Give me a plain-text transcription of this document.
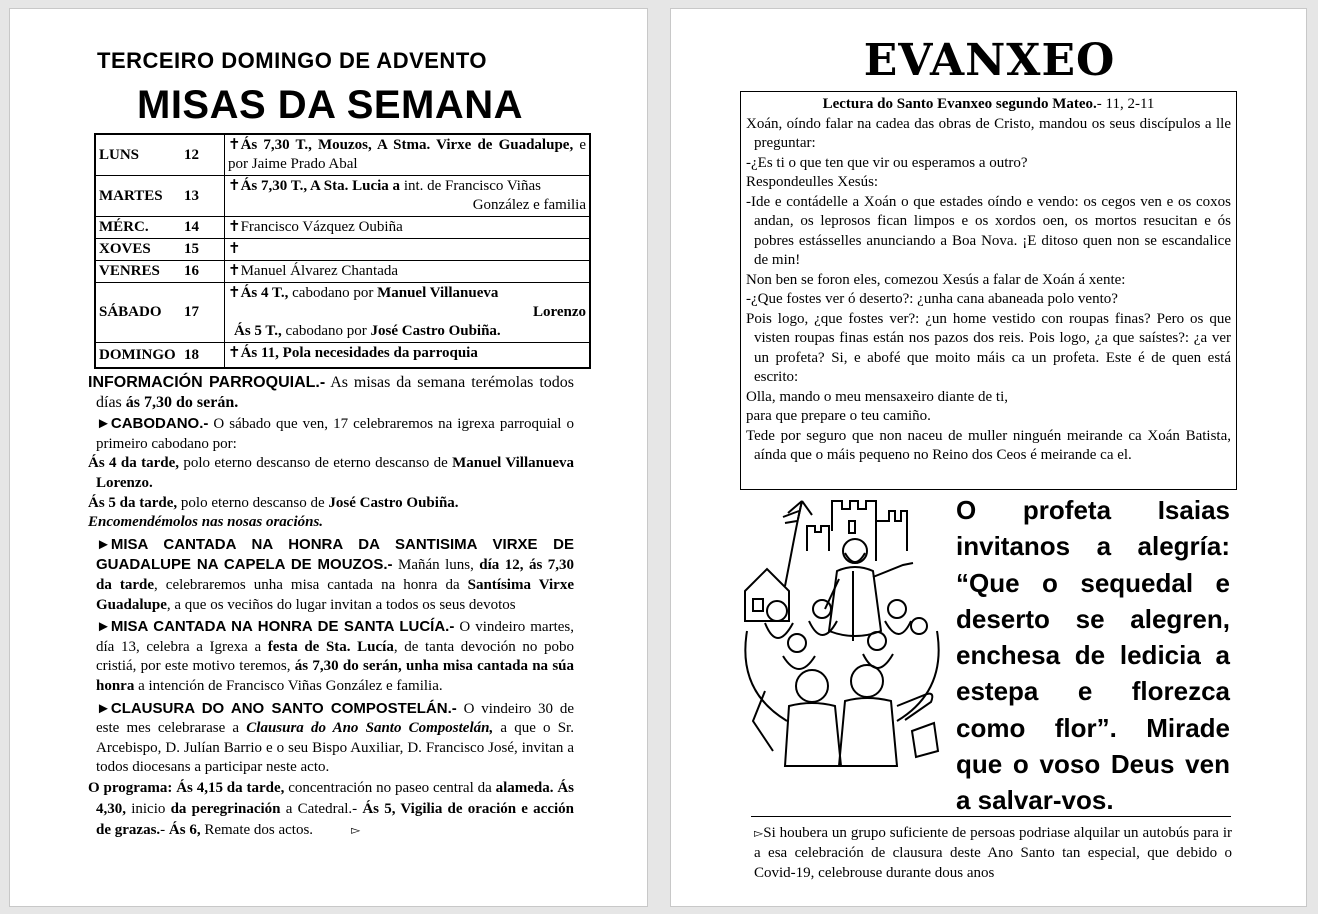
TERCEIRO DOMINGO DE ADVENTO
MISAS DA SEMANA
LUNS 12	✝Ás 7,30 T., Mouzos, A Stma. Virxe de Guadalupe, e por Jaime Prado Abal
MARTES 13	✝Ás 7,30 T., A Sta. Lucia a int. de Francisco Viñas
González e familia

MÉRC. 14	✝Francisco Vázquez Oubiña
XOVES 15	✝
VENRES 16	✝Manuel Álvarez Chantada
SÁBADO 17	✝Ás 4 T., cabodano por Manuel Villanueva
Lorenzo
Ás 5 T., cabodano por José Castro Oubiña.

DOMINGO 18	✝Ás 11, Pola necesidades da parroquia

INFORMACIÓN PARROQUIAL.- As misas da semana terémolas todos días ás 7,30 do serán.

►CABODANO.- O sábado que ven, 17 celebraremos na igrexa parroquial o primeiro cabodano por:

Ás 4 da tarde, polo eterno descanso de eterno descanso de Manuel Villanueva Lorenzo.

Ás 5 da tarde, polo eterno descanso de José Castro Oubiña.

Encomendémolos nas nosas oracións.

►MISA CANTADA NA HONRA DA SANTISIMA VIRXE DE GUADALUPE NA CAPELA DE MOUZOS.- Mañán luns, día 12, ás 7,30 da tarde, celebraremos unha misa cantada na honra da Santísima Virxe Guadalupe, a que os veciños do lugar invitan a todos os seus devotos

►MISA CANTADA NA HONRA DE SANTA LUCÍA.- O vindeiro martes, día 13, celebra a Igrexa a festa de Sta. Lucía, de tanta devoción no pobo cristiá, por este motivo teremos, ás 7,30 do serán, unha misa cantada na súa honra a intención de Francisco Viñas González e familia.

►CLAUSURA DO ANO SANTO COMPOSTELÁN.- O vindeiro 30 de este mes celebrarase a Clausura do Ano Santo Compostelán, a que o Sr. Arcebispo, D. Julían Barrio e o seu Bispo Auxiliar, D. Francisco José, invitan a todos diocesans a participar neste acto.

O programa: Ás 4,15 da tarde, concentración no paseo central da alameda. Ás 4,30, inicio da peregrinación a Catedral.- Ás 5, Vigilia de oración e acción de grazas.- Ás 6, Remate dos actos.	▻

EVANXEO

Lectura do Santo Evanxeo segundo Mateo.- 11, 2-11

Xoán, oíndo falar na cadea das obras de Cristo, mandou os seus discípulos a lle preguntar:

-¿Es ti o que ten que vir ou esperamos a outro?

Respondeulles Xesús:

-Ide e contádelle a Xoán o que estades oíndo e vendo: os cegos ven e os coxos andan, os leprosos fican limpos e os xordos oen, os mortos resucitan e ós pobres estásselles anunciando a Boa Nova. ¡E ditoso quen non se escandalice de min!

Non ben se foron eles, comezou Xesús a falar de Xoán á xente:

-¿Que fostes ver ó deserto?: ¿unha cana abaneada polo vento?

Pois logo, ¿que fostes ver?: ¿un home vestido con roupas finas? Pero os que visten roupas finas están nos pazos dos reis. Pois logo, ¿a que saístes?: ¿a ver un profeta? Si, e abofé que moito máis ca un profeta. Este é de quen está escrito:

Olla, mando o meu mensaxeiro diante de ti,

para que prepare o teu camiño.

Tede por seguro que non naceu de muller ninguén meirande ca Xoán Batista, aínda que o máis pequeno no Reino dos Ceos é meirande ca el.

O profeta Isaias invitanos a alegría: “Que o sequedal e deserto se alegren, enchesa de ledicia a estepa e florezca como flor”. Mirade que o voso Deus ven a salvar-vos.
▻Si houbera un grupo suficiente de persoas podriase alquilar un autobús para ir a esa celebración de clausura deste Ano Santo tan especial, que debido o Covid-19, celebrouse durante dous anos
